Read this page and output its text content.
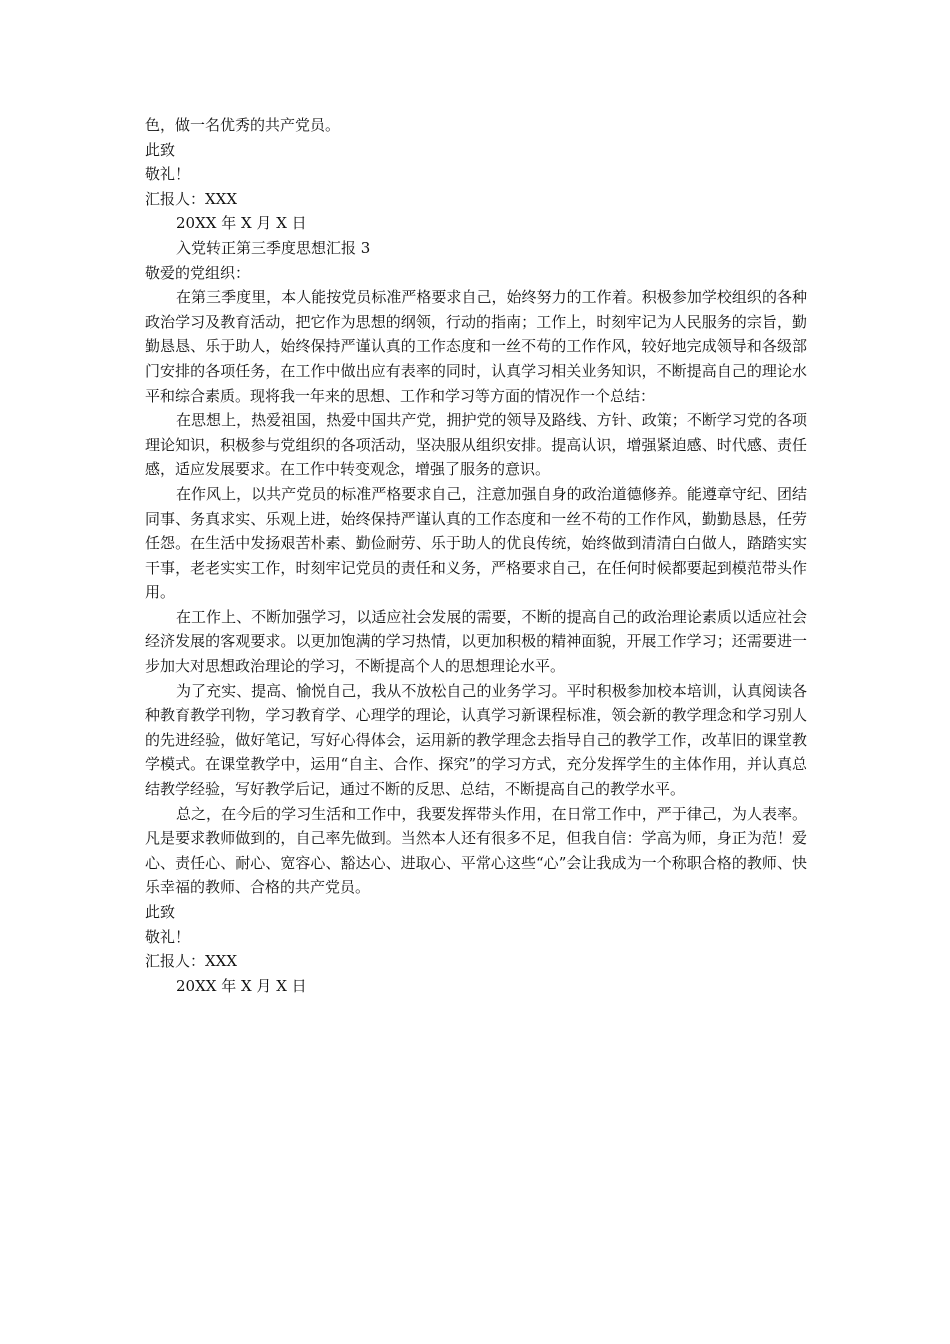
色，做一名优秀的共产党员。

此致

敬礼！

汇报人：XXX

20XX 年 X 月 X 日

入党转正第三季度思想汇报 3

敬爱的党组织：

在第三季度里，本人能按党员标准严格要求自己，始终努力的工作着。积极参加学校组织的各种政治学习及教育活动，把它作为思想的纲领，行动的指南；工作上，时刻牢记为人民服务的宗旨，勤勤恳恳、乐于助人，始终保持严谨认真的工作态度和一丝不苟的工作作风，较好地完成领导和各级部门安排的各项任务，在工作中做出应有表率的同时，认真学习相关业务知识，不断提高自己的理论水平和综合素质。现将我一年来的思想、工作和学习等方面的情况作一个总结：

在思想上，热爱祖国，热爱中国共产党，拥护党的领导及路线、方针、政策；不断学习党的各项理论知识，积极参与党组织的各项活动，坚决服从组织安排。提高认识，增强紧迫感、时代感、责任感，适应发展要求。在工作中转变观念，增强了服务的意识。

在作风上，以共产党员的标准严格要求自己，注意加强自身的政治道德修养。能遵章守纪、团结同事、务真求实、乐观上进，始终保持严谨认真的工作态度和一丝不苟的工作作风，勤勤恳恳，任劳任怨。在生活中发扬艰苦朴素、勤俭耐劳、乐于助人的优良传统，始终做到清清白白做人，踏踏实实干事，老老实实工作，时刻牢记党员的责任和义务，严格要求自己，在任何时候都要起到模范带头作用。

在工作上、不断加强学习，以适应社会发展的需要，不断的提高自己的政治理论素质以适应社会经济发展的客观要求。以更加饱满的学习热情，以更加积极的精神面貌，开展工作学习；还需要进一步加大对思想政治理论的学习，不断提高个人的思想理论水平。

为了充实、提高、愉悦自己，我从不放松自己的业务学习。平时积极参加校本培训，认真阅读各种教育教学刊物，学习教育学、心理学的理论，认真学习新课程标准，领会新的教学理念和学习别人的先进经验，做好笔记，写好心得体会，运用新的教学理念去指导自己的教学工作，改革旧的课堂教学模式。在课堂教学中，运用“自主、合作、探究”的学习方式，充分发挥学生的主体作用，并认真总结教学经验，写好教学后记，通过不断的反思、总结，不断提高自己的教学水平。

总之，在今后的学习生活和工作中，我要发挥带头作用，在日常工作中，严于律己，为人表率。凡是要求教师做到的，自己率先做到。当然本人还有很多不足，但我自信：学高为师，身正为范！爱心、责任心、耐心、宽容心、豁达心、进取心、平常心这些“心”会让我成为一个称职合格的教师、快乐幸福的教师、合格的共产党员。

此致

敬礼！

汇报人：XXX

20XX 年 X 月 X 日
